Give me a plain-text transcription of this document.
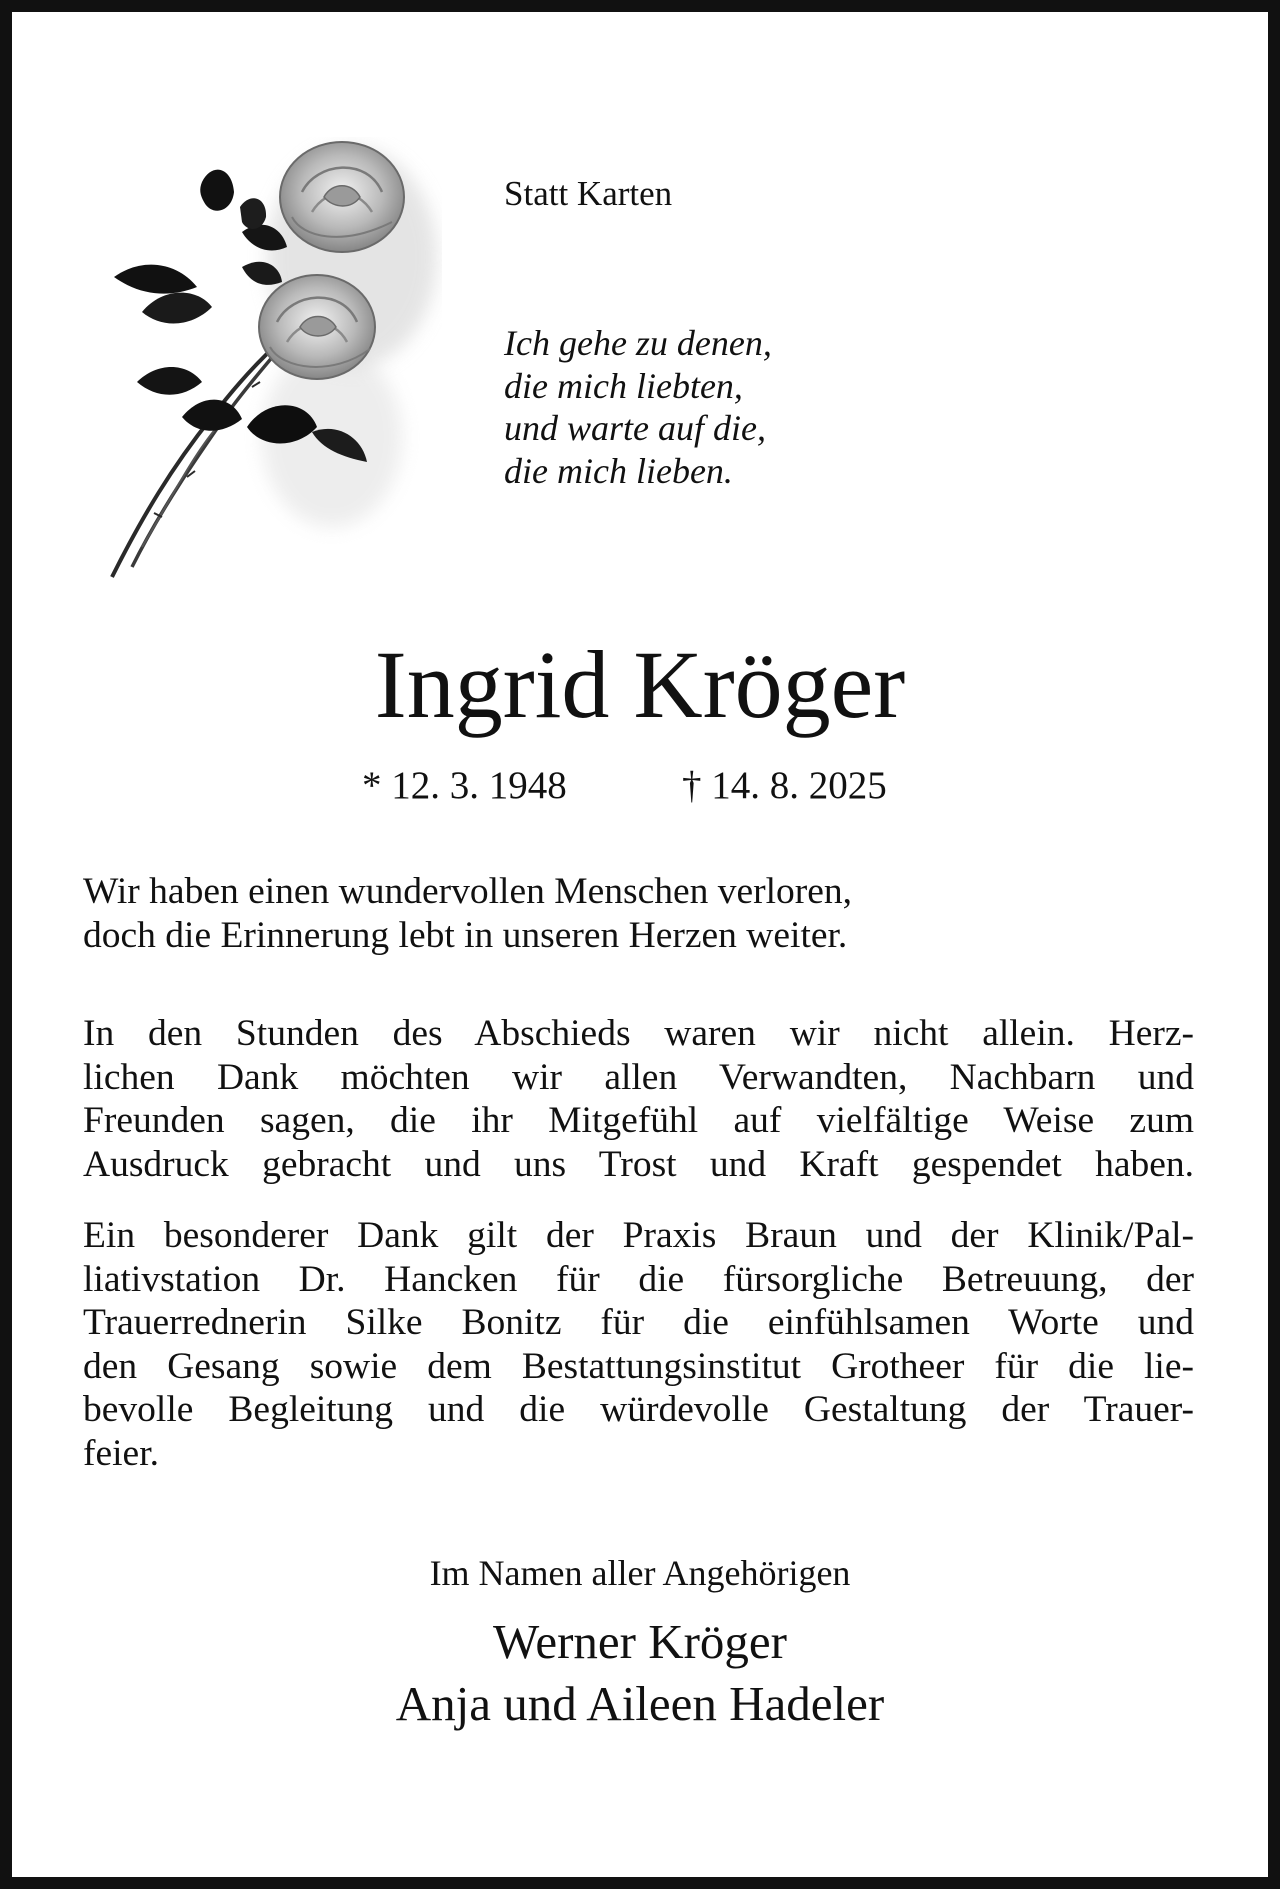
Statt Karten
Ich gehe zu denen,
die mich liebten,
und warte auf die,
die mich lieben.
Ingrid Kröger
* 12. 3. 1948	† 14. 8. 2025
Wir haben einen wundervollen Menschen verloren,
doch die Erinnerung lebt in unseren Herzen weiter.
In den Stunden des Abschieds waren wir nicht allein. Herz-
lichen Dank möchten wir allen Verwandten, Nachbarn und
Freunden sagen, die ihr Mitgefühl auf vielfältige Weise zum
Ausdruck gebracht und uns Trost und Kraft gespendet haben.
Ein besonderer Dank gilt der Praxis Braun und der Klinik/Pal-
liativstation Dr. Hancken für die fürsorgliche Betreuung, der
Trauerrednerin Silke Bonitz für die einfühlsamen Worte und
den Gesang sowie dem Bestattungsinstitut Grotheer für die lie-
bevolle Begleitung und die würdevolle Gestaltung der Trauer-
feier.
Im Namen aller Angehörigen
Werner Kröger
Anja und Aileen Hadeler
